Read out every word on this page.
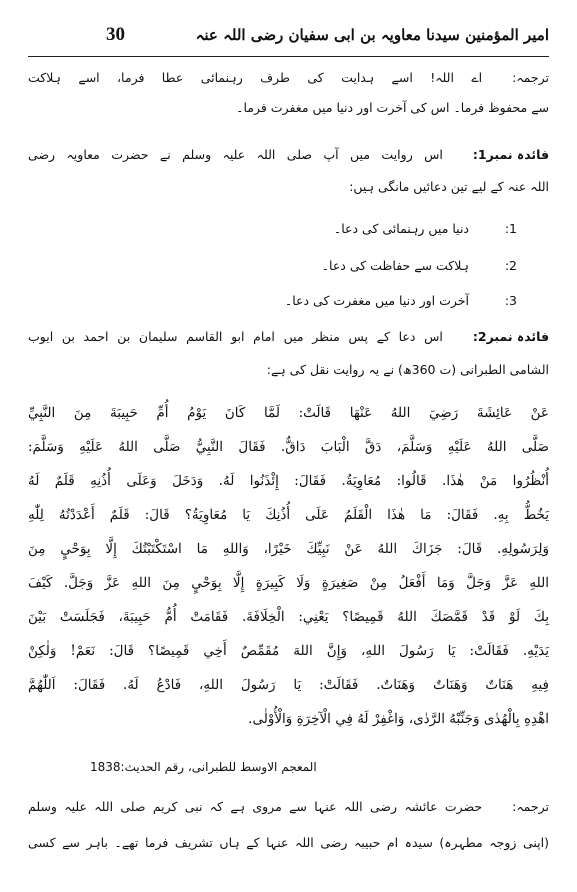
امیر المؤمنین سیدنا معاویہ بن ابی سفیان رضی اللہ عنہ
30
ترجمہ:اے اللہ! اسے ہدایت کی طرف رہنمائی عطا فرما، اسے ہلاکت
سے محفوظ فرما۔ اس کی آخرت اور دنیا میں مغفرت فرما۔
فائدہ نمبر1:اس روایت میں آپ صلی اللہ علیہ وسلم نے حضرت معاویہ رضی
اللہ عنہ کے لیے تین دعائیں مانگی ہیں:
1:دنیا میں رہنمائی کی دعا۔
2:ہلاکت سے حفاظت کی دعا۔
3:آخرت اور دنیا میں مغفرت کی دعا۔
فائدہ نمبر2:اس دعا کے پس منظر میں امام ابو القاسم سلیمان بن احمد بن ایوب
الشامی الطبرانی (ت 360ھ) نے یہ روایت نقل کی ہے:
عَنْ عَائِشَةَ رَضِيَ اللهُ عَنْهَا قَالَتْ: لَمَّا كَانَ يَوْمُ أُمِّ حَبِيبَةَ مِنَ النَّبِيِّ
صَلَّى اللهُ عَلَيْهِ وَسَلَّمَ، دَقَّ الْبَابَ دَاقٌّ. فَقَالَ النَّبِيُّ صَلَّى اللهُ عَلَيْهِ وَسَلَّمَ:
أُنْظُرُوا مَنْ هٰذَا. قَالُوا: مُعَاوِيَةُ. فَقَالَ: إِئْذَنُوا لَهُ. وَدَخَلَ وَعَلَى أُذُنِهِ قَلَمٌ لَهُ
يَخُطُّ بِهِ. فَقَالَ: مَا هٰذَا الْقَلَمُ عَلَى أُذُنِكَ يَا مُعَاوِيَةُ؟ قَالَ: قَلَمٌ أَعْدَدْتُهُ لِلّٰهِ
وَلِرَسُولِهِ. قَالَ: جَزَاكَ اللهُ عَنْ نَبِيِّكَ خَيْرًا، وَاللهِ مَا اسْتَكْتَبْتُكَ إِلَّا بِوَحْيٍ مِنَ
اللهِ عَزَّ وَجَلَّ وَمَا أَفْعَلُ مِنْ صَغِيرَةٍ وَلَا كَبِيرَةٍ إِلَّا بِوَحْيٍ مِنَ اللهِ عَزَّ وَجَلَّ. كَيْفَ
بِكَ لَوْ قَدْ قَمَّصَكَ اللهُ قَمِيصًا؟ يَعْنِي: الْخِلَافَةَ. فَقَامَتْ أُمُّ حَبِيبَةَ، فَجَلَسَتْ بَيْنَ
يَدَيْهِ. فَقَالَتْ: يَا رَسُولَ اللهِ، وَإِنَّ اللهَ مُقَمِّصٌ أَخِي قَمِيصًا؟ قَالَ: نَعَمْ! وَلٰكِنْ
فِيهِ هَنَاتٌ وَهَنَاتٌ وَهَنَاتٌ. فَقَالَتْ: يَا رَسُولَ اللهِ، فَادْعُ لَهُ. فَقَالَ: اَللّٰهُمَّ
اهْدِهِ بِالْهُدٰى وَجَنِّبْهُ الرَّدٰى، وَاغْفِرْ لَهُ فِي الْآخِرَةِ وَالْأُوْلٰى.
المعجم الاوسط للطبرانی، رقم الحدیث:1838
ترجمہ:حضرت عائشہ رضی اللہ عنہا سے مروی ہے کہ نبی کریم صلی اللہ علیہ وسلم
(اپنی زوجہ مطہرہ) سیدہ ام حبیبہ رضی اللہ عنہا کے ہاں تشریف فرما تھے۔ باہر سے کسی
